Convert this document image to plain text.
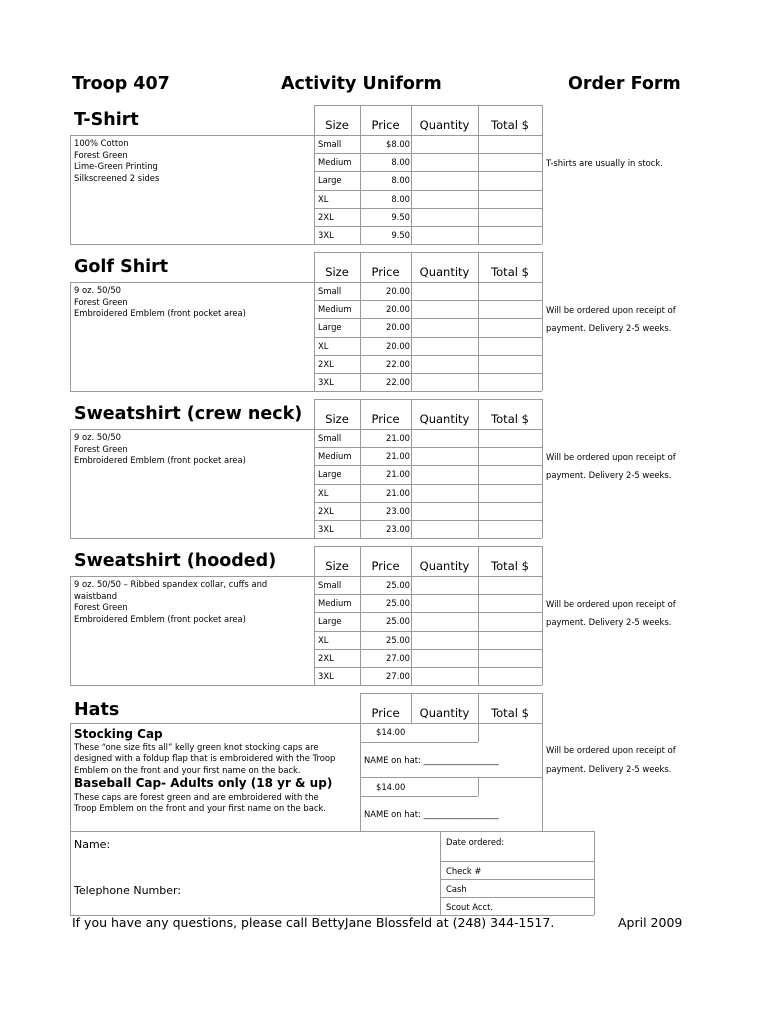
Troop 407	Activity Uniform	Order Form
T-Shirt	Size	Price	Quantity	Total $
100% Cotton
Forest Green
Lime-Green Printing
Silkscreened 2 sides
Small	$8.00
Medium	8.00
Large	8.00
XL	8.00
2XL	9.50
3XL	9.50
T-shirts are usually in stock.
Golf Shirt	Size	Price	Quantity	Total $
9 oz. 50/50
Forest Green
Embroidered Emblem (front pocket area)
Small	20.00
Medium	20.00
Large	20.00
XL	20.00
2XL	22.00
3XL	22.00
Will be ordered upon receipt of
payment. Delivery 2-5 weeks.
Sweatshirt (crew neck)	Size	Price	Quantity	Total $
9 oz. 50/50
Forest Green
Embroidered Emblem (front pocket area)
Small	21.00
Medium	21.00
Large	21.00
XL	21.00
2XL	23.00
3XL	23.00
Will be ordered upon receipt of
payment. Delivery 2-5 weeks.
Sweatshirt (hooded)	Size	Price	Quantity	Total $
9 oz. 50/50 – Ribbed spandex collar, cuffs and
waistband
Forest Green
Embroidered Emblem (front pocket area)
Small	25.00
Medium	25.00
Large	25.00
XL	25.00
2XL	27.00
3XL	27.00
Will be ordered upon receipt of
payment. Delivery 2-5 weeks.
Hats	Price	Quantity	Total $
Stocking Cap
These “one size fits all” kelly green knot stocking caps are
designed with a foldup flap that is embroidered with the Troop
Emblem on the front and your first name on the back.
Baseball Cap- Adults only (18 yr & up)
These caps are forest green and are embroidered with the
Troop Emblem on the front and your first name on the back.
$14.00
NAME on hat: __________________
$14.00
NAME on hat: __________________
Will be ordered upon receipt of
payment. Delivery 2-5 weeks.
Name:
Telephone Number:
Date ordered:
Check #
Cash
Scout Acct.
If you have any questions, please call BettyJane Blossfeld at (248) 344-1517.	April 2009
